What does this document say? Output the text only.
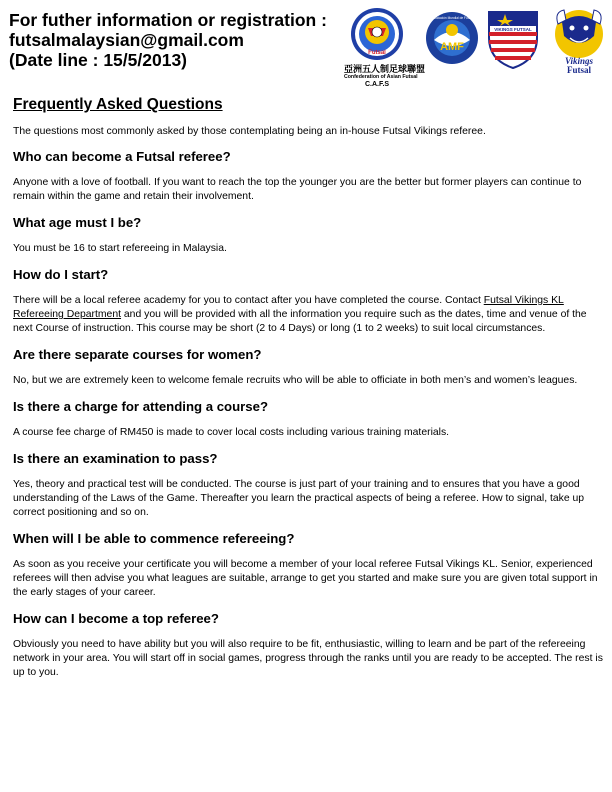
For futher information or registration :
futsalmalaysian@gmail.com
(Date line : 15/5/2013)	Futsal
亞洲五人制足球聯盟
Confederation of Asian Futsal
C.A.F.S
AMF
Asociación Mundial de Futsal
VIKINGS FUTSAL
Vikings
Futsal
Frequently Asked Questions

The questions most commonly asked by those contemplating being an in-house Futsal Vikings referee.

Who can become a Futsal referee?

Anyone with a love of football. If you want to reach the top the younger you are the better but former players can continue to remain within the game and retain their involvement.

What age must I be?

You must be 16 to start refereeing in Malaysia.

How do I start?

There will be a local referee academy for you to contact after you have completed the course. Contact Futsal Vikings KL Refereeing Department and you will be provided with all the information you require such as the dates, time and venue of the next Course of instruction. This course may be short (2 to 4 Days) or long (1 to 2 weeks) to suit local circumstances.

Are there separate courses for women?

No, but we are extremely keen to welcome female recruits who will be able to officiate in both men’s and women’s leagues.

Is there a charge for attending a course?

A course fee charge of RM450 is made to cover local costs including various training materials.

Is there an examination to pass?

Yes, theory and practical test will be conducted. The course is just part of your training and to ensures that you have a good understanding of the Laws of the Game. Thereafter you learn the practical aspects of being a referee. How to signal, take up correct positioning and so on.

When will I be able to commence refereeing?

As soon as you receive your certificate you will become a member of your local referee Futsal Vikings KL. Senior, experienced referees will then advise you what leagues are suitable, arrange to get you started and make sure you are given total support in the early stages of your career.

How can I become a top referee?

Obviously you need to have ability but you will also require to be fit, enthusiastic, willing to learn and be part of the refereeing network in your area. You will start off in social games, progress through the ranks until you are ready to be accepted. The rest is up to you.
